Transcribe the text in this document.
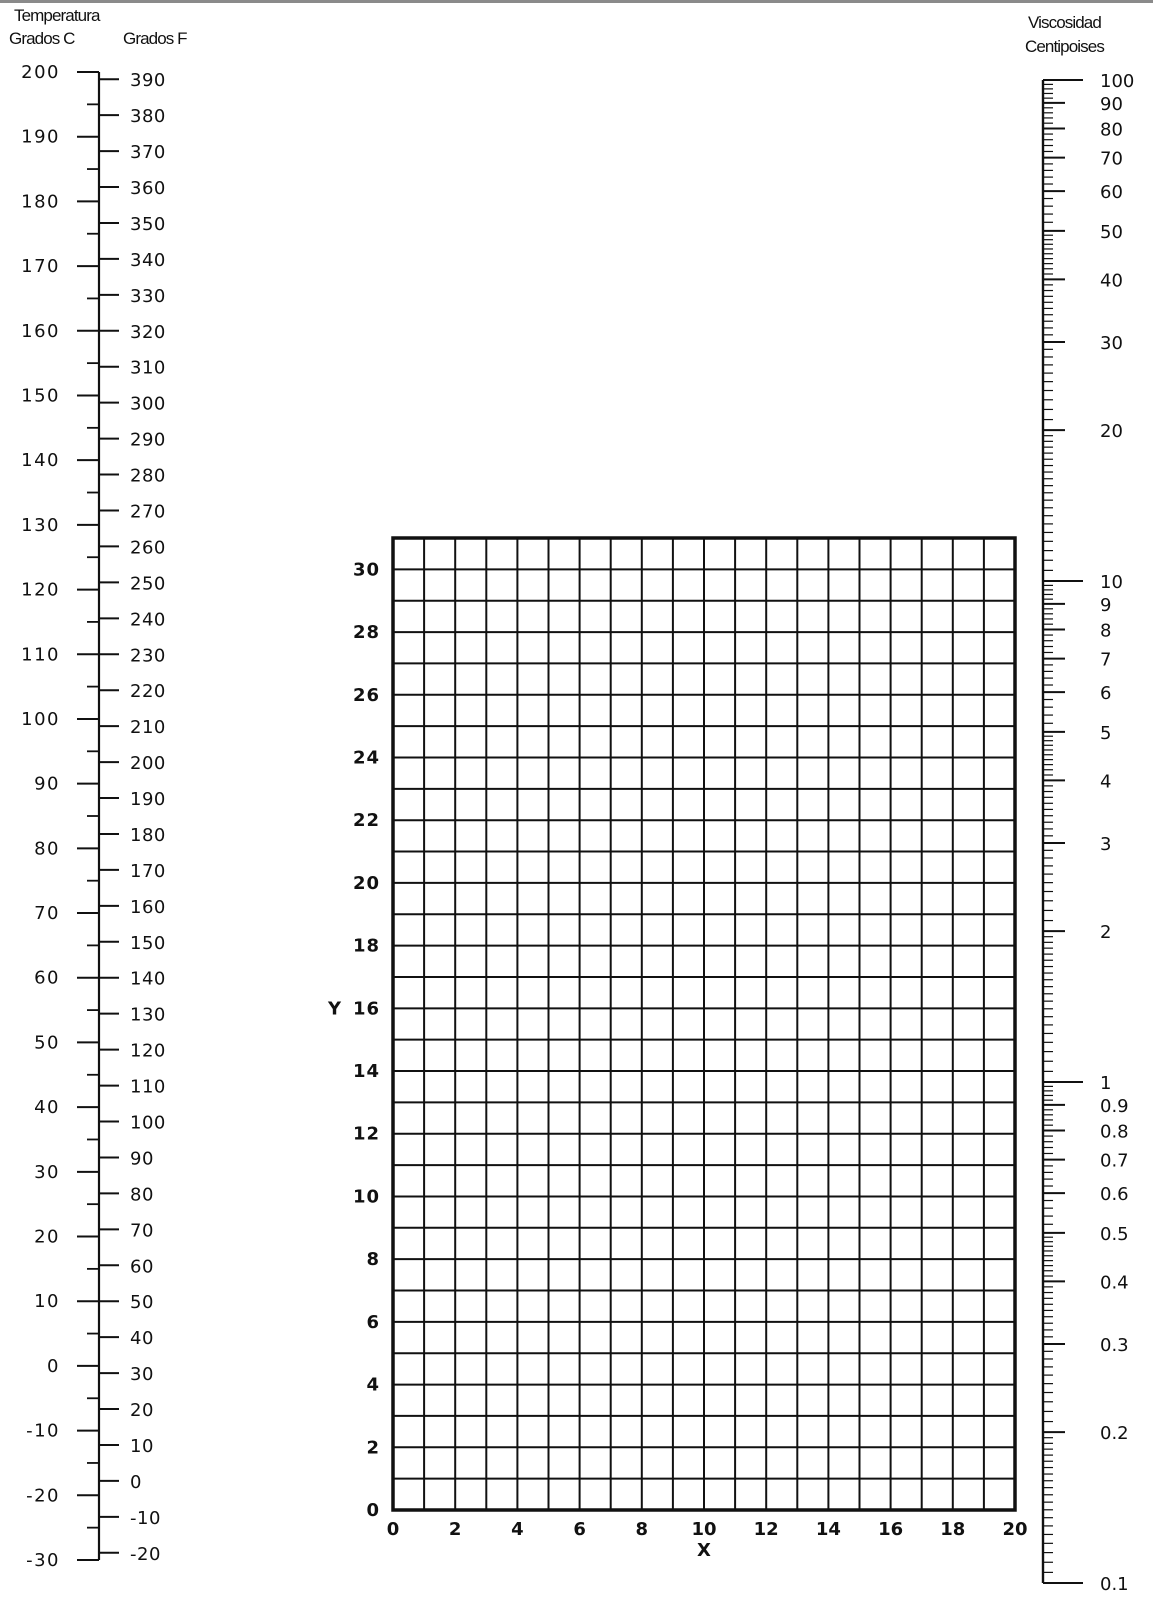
Temperatura
Grados C	Grados F
Viscosidad
Centipoises
200
190
180
170
160
150
140
130
120
110
100
90
80
70
60
50
40
30
20
10
0
-10
-20
-30
390
380
370
360
350
340
330
320
310
300
290
280
270
260
250
240
230
220
210
200
190
180
170
160
150
140
130
120
110
100
90
80
70
60
50
40
30
20
10
0
-10
-20
100
90
80
70
60
50
40
30
20
10
9
8
7
6
5
4
3
2
1
0.9
0.8
0.7
0.6
0.5
0.4
0.3
0.2
0.1
0	2	4	6	8 10 12 14 16 18 20
0
2
4
6
8
10
12
14
16
18
20
22
24
26
28
30
X
Y
